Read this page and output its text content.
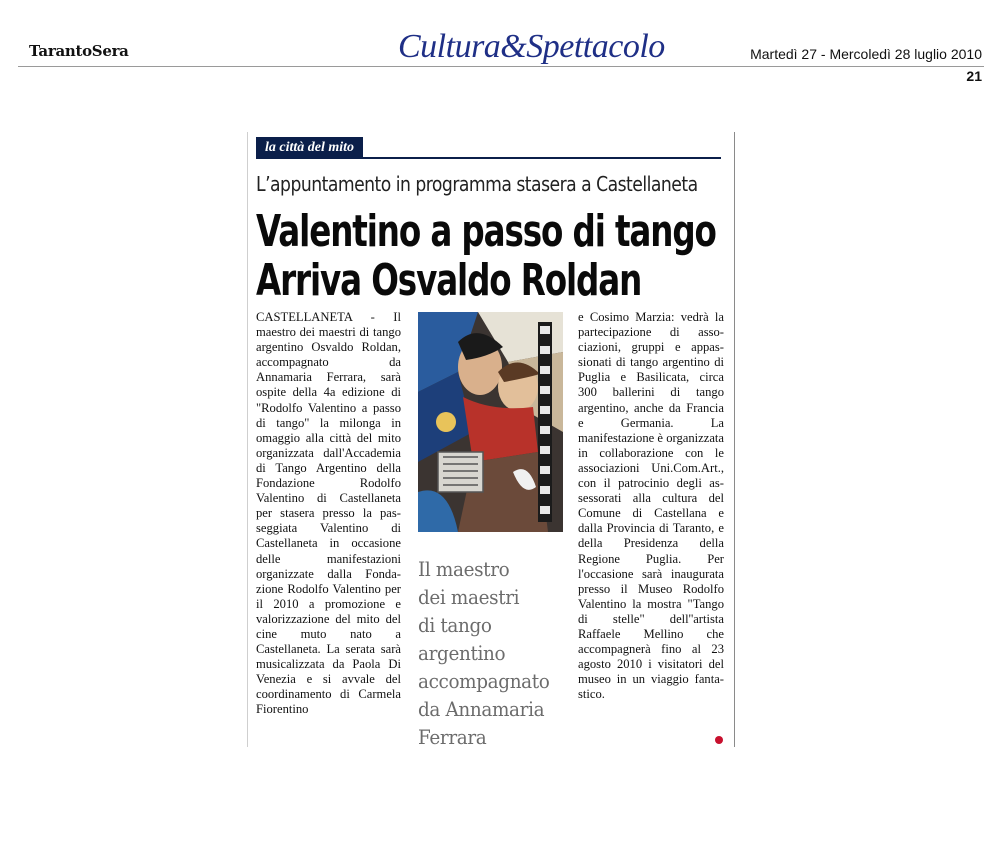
TarantoSera	Cultura&Spettacolo	Martedì 27 - Mercoledì 28 luglio 2010
21
la città del mito
L’appuntamento in programma stasera a Castellaneta
Valentino a passo di tango
Arriva Osvaldo Roldan
CASTELLANETA - Il maestro dei maestri di tango argentino Osvaldo Roldan, accompagnato da Annamaria Ferrara, sarà ospite della 4a edizione di "Rodolfo Valentino a passo di tango" la milonga in omaggio alla città del mito organizzata dall'Accademia di Tango Argentino della Fondazione Rodolfo Valentino di Castellaneta per stasera presso la passeggiata Valentino di Castellaneta in occasione delle manifestazioni organizzate dalla Fondazione Rodolfo Valentino per il 2010 a promozione e valorizzazione del mito del cine muto nato a Castellaneta. La serata sarà musicalizzata da Paola Di Venezia e si avvale del coordinamento di Carmela Fiorentino
Il maestro
dei maestri
di tango
argentino
accompagnato
da Annamaria
Ferrara
e Cosimo Marzia: vedrà la partecipazione di associazioni, gruppi e appassionati di tango argentino di Puglia e Basilicata, circa 300 ballerini di tango argentino, anche da Francia e Germania. La manifestazione è organizzata in collaborazione con le associazioni Uni.Com.Art., con il patrocinio degli assessorati alla cultura del Comune di Castellana e dalla Provincia di Taranto, e della Presidenza della Regione Puglia. Per l'occasione sarà inaugurata presso il Museo Rodolfo Valentino la mostra "Tango di stelle" dell''artista Raffaele Mellino che accompagnerà fino al 23 agosto 2010 i visitatori del museo in un viaggio fantastico.
